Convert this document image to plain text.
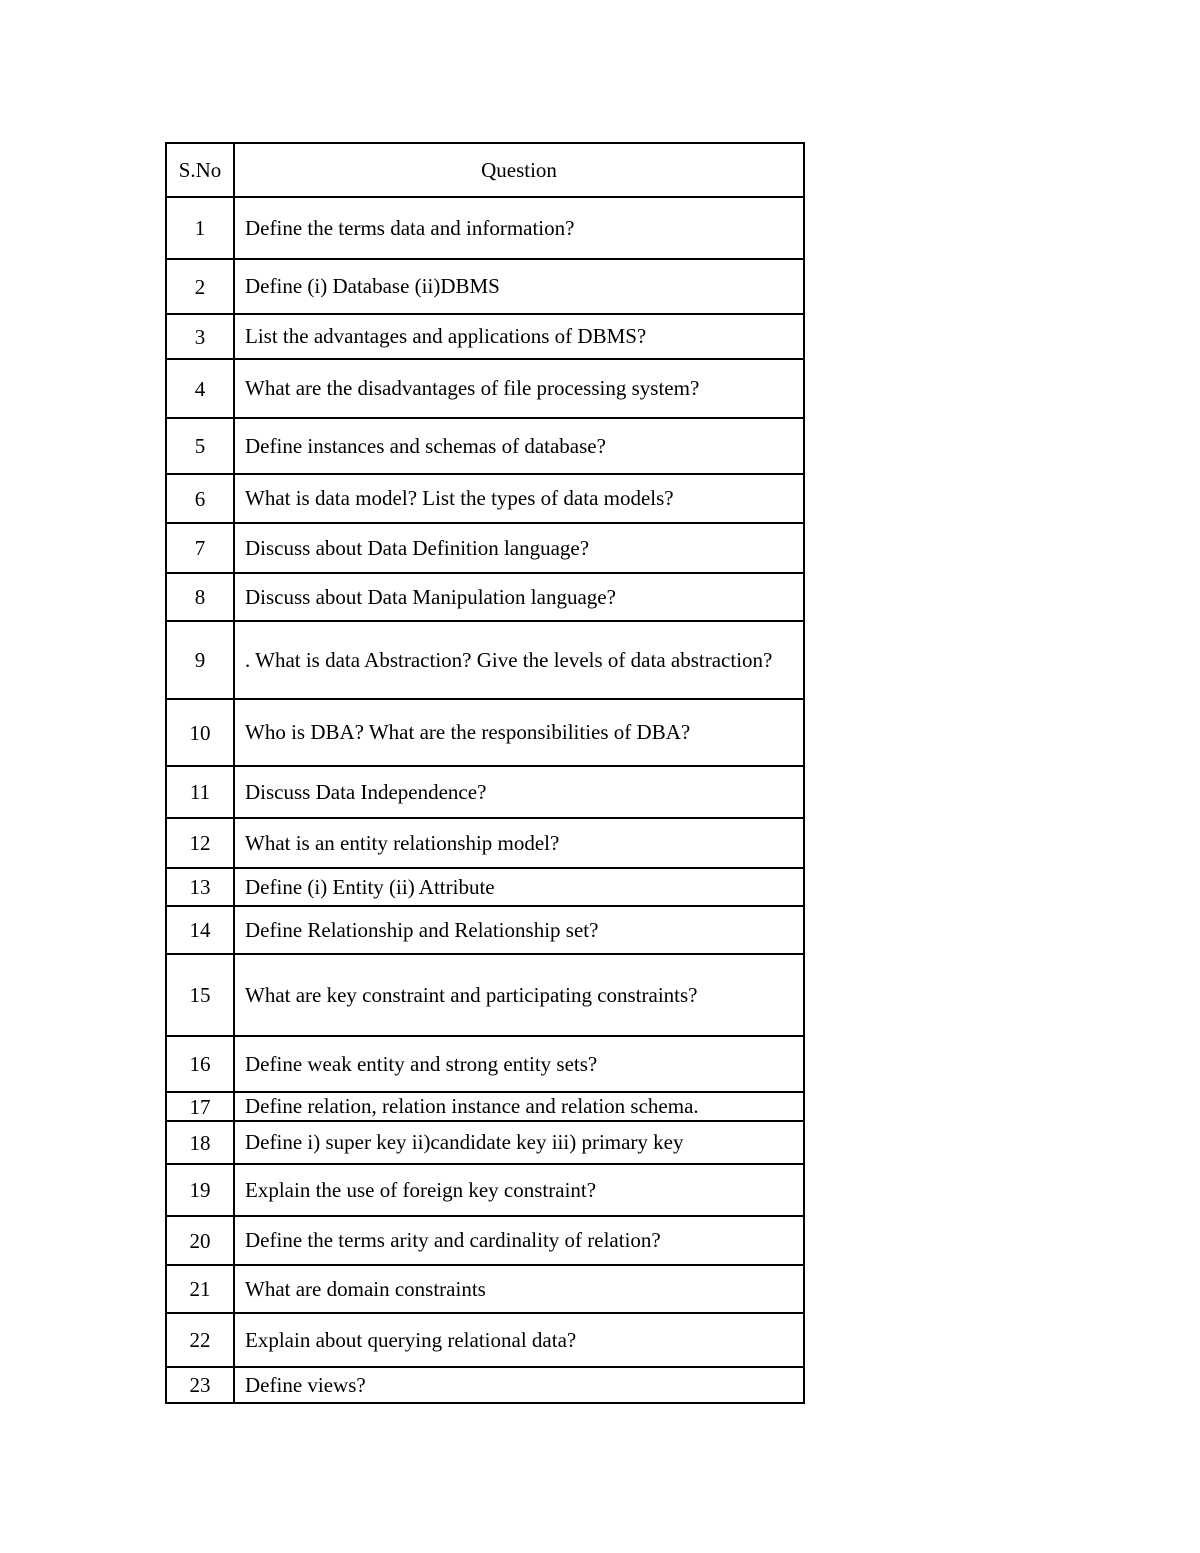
S.No	Question
1	Define the terms data and information?
2	Define (i) Database (ii)DBMS
3	List the advantages and applications of DBMS?
4	What are the disadvantages of file processing system?
5	Define instances and schemas of database?
6	What is data model? List the types of data models?
7	Discuss about Data Definition language?
8	Discuss about Data Manipulation language?
9	. What is data Abstraction? Give the levels of data abstraction?
10	Who is DBA? What are the responsibilities of DBA?
11	Discuss Data Independence?
12	What is an entity relationship model?
13	Define (i) Entity (ii) Attribute
14	Define Relationship and Relationship set?
15	What are key constraint and participating constraints?
16	Define weak entity and strong entity sets?
17	Define relation, relation instance and relation schema.
18	Define i) super key ii)candidate key iii) primary key
19	Explain the use of foreign key constraint?
20	Define the terms arity and cardinality of relation?
21	What are domain constraints
22	Explain about querying relational data?
23	Define views?
